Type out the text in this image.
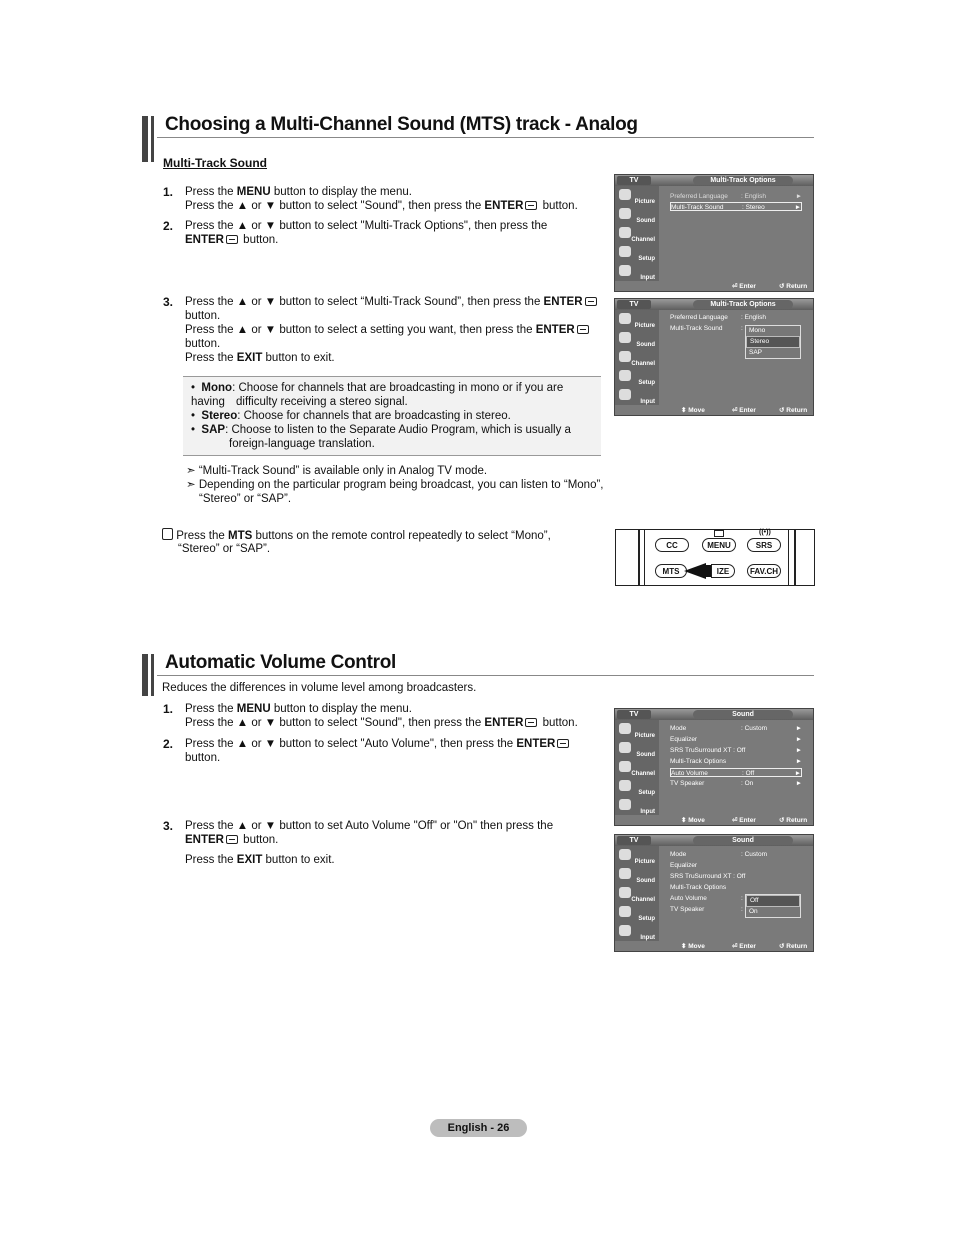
Choosing a Multi-Channel Sound (MTS) track - Analog
Multi-Track Sound
1. Press the MENU button to display the menu.
Press the ▲ or ▼ button to select "Sound", then press the ENTER button.
2. Press the ▲ or ▼ button to select "Multi-Track Options", then press the
ENTER button.
3. Press the ▲ or ▼ button to select “Multi-Track Sound”, then press the ENTER
button.
Press the ▲ or ▼ button to select a setting you want, then press the ENTER
button.
Press the EXIT button to exit.
•  Mono: Choose for channels that are broadcasting in mono or if you are having difficulty receiving a stereo signal.
•  Stereo: Choose for channels that are broadcasting in stereo.
•  SAP: Choose to listen to the Separate Audio Program, which is usually a
foreign-language translation.
➣ “Multi-Track Sound” is available only in Analog TV mode.
➣ Depending on the particular program being broadcast, you can listen to “Mono”,
“Stereo” or “SAP”.
Press the MTS buttons on the remote control repeatedly to select “Mono”,
“Stereo” or “SAP”.
TV	Multi-Track Options
Picture
Sound
Channel
Setup
Input
Preferred Language : English	►
Multi-Track Sound	: Stereo	►
⏎ Enter	↺ Return
TV	Multi-Track Options
Picture
Sound
Channel
Setup
Input
Preferred Language : English
Multi-Track Sound	: Mono
Stereo
SAP
⬍ Move	⏎ Enter	↺ Return
TV	Sound
Picture
Sound
Channel
Setup
Input
Mode	: Custom	►
Equalizer	►
SRS TruSurround XT : Off	►
Multi-Track Options	►
Auto Volume	: Off	►
TV Speaker	: On	►
⬍ Move	⏎ Enter	↺ Return
TV	Sound
Picture
Sound
Channel
Setup
Input
Mode	: Custom
Equalizer
SRS TruSurround XT : Off
Multi-Track Options
Auto Volume	:
TV Speaker	:
Off
On
⬍ Move	⏎ Enter	↺ Return
((•))
CC	MENU	SRS
MTS	IZE	FAV.CH
Automatic Volume Control
Reduces the differences in volume level among broadcasters.
1. Press the MENU button to display the menu.
Press the ▲ or ▼ button to select "Sound", then press the ENTER button.
2. Press the ▲ or ▼ button to select "Auto Volume", then press the ENTER button.
3. Press the ▲ or ▼ button to set Auto Volume "Off" or "On" then press the
ENTER button.

Press the EXIT button to exit.
English - 26
